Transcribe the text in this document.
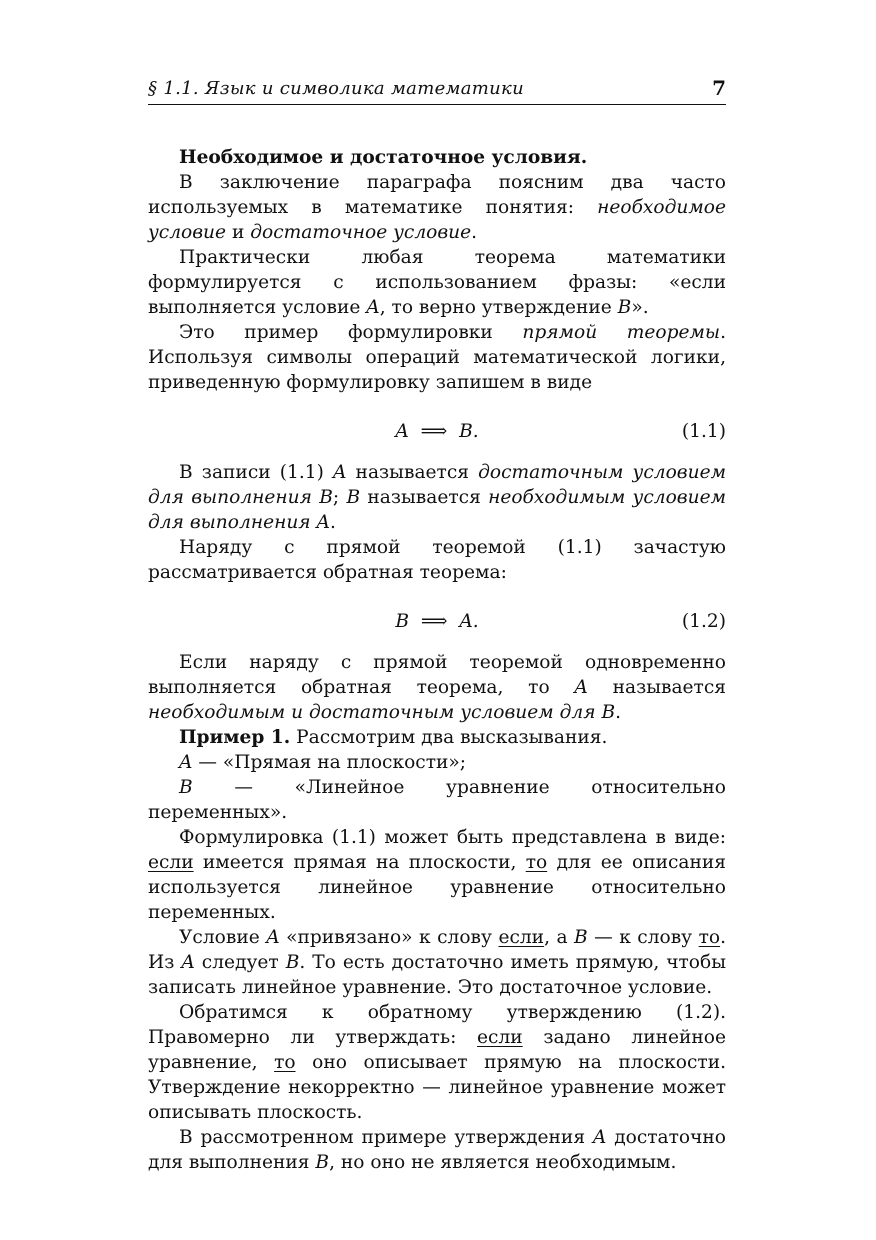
§ 1.1. Язык и символика математики	7

Необходимое и достаточное условия.

В заключение параграфа поясним два часто используемых в математике понятия: необходимое условие и достаточное условие.

Практически любая теорема математики формулируется с использованием фразы: «если выполняется условие A, то верно утверждение B».

Это пример формулировки прямой теоремы. Используя символы операций математической логики, приведенную формулировку запишем в виде

A ⟹ B.	(1.1)

В записи (1.1) A называется достаточным условием для выполнения B; B называется необходимым условием для выполнения A.

Наряду с прямой теоремой (1.1) зачастую рассматривается обратная теорема:

B ⟹ A.	(1.2)

Если наряду с прямой теоремой одновременно выполняется обратная теорема, то A называется необходимым и достаточным условием для B.

Пример 1. Рассмотрим два высказывания.

A — «Прямая на плоскости»;

B — «Линейное уравнение относительно переменных».

Формулировка (1.1) может быть представлена в виде: если имеется прямая на плоскости, то для ее описания используется линейное уравнение относительно переменных.

Условие A «привязано» к слову если, а B — к слову то. Из A следует B. То есть достаточно иметь прямую, чтобы записать линейное уравнение. Это достаточное условие.

Обратимся к обратному утверждению (1.2). Правомерно ли утверждать: если задано линейное уравнение, то оно описывает прямую на плоскости. Утверждение некорректно — линейное уравнение может описывать плоскость.

В рассмотренном примере утверждения A достаточно для выполнения B, но оно не является необходимым.
